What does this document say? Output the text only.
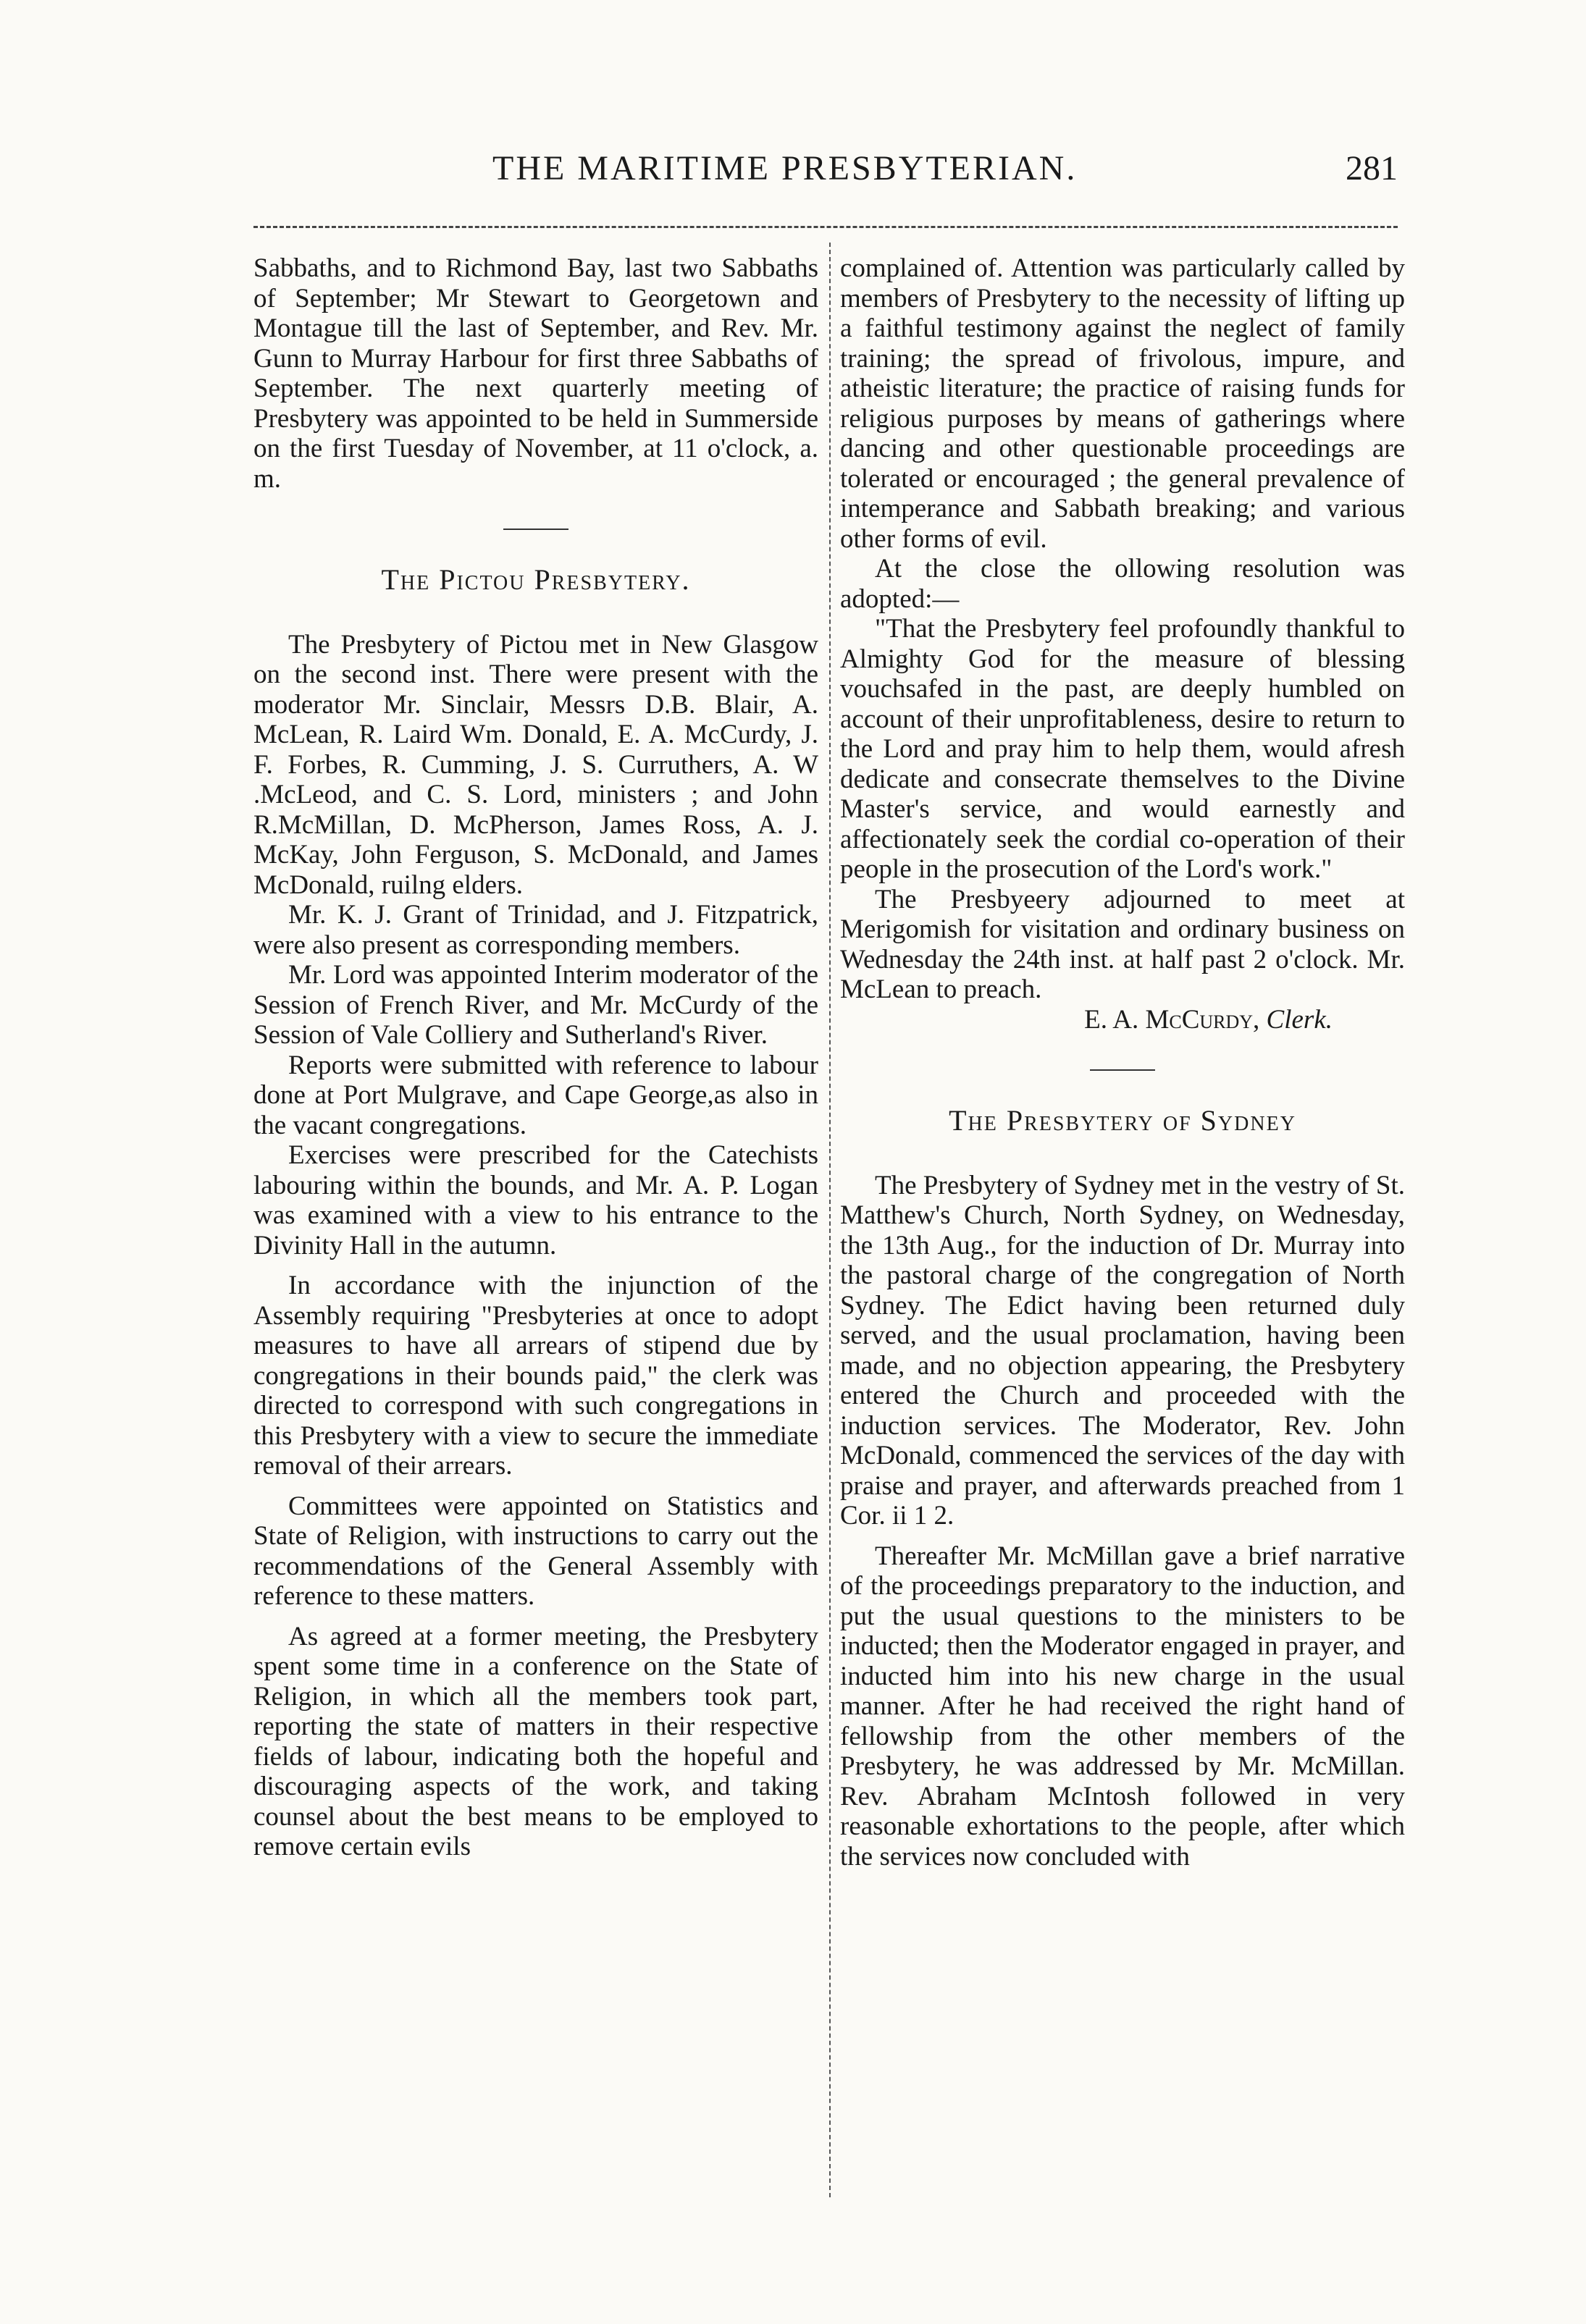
THE MARITIME PRESBYTERIAN.	281

Sabbaths, and to Richmond Bay, last two Sabbaths of September; Mr Stewart to Georgetown and Montague till the last of September, and Rev. Mr. Gunn to Murray Harbour for first three Sabbaths of September. The next quarterly meeting of Presbytery was appointed to be held in Summerside on the first Tuesday of November, at 11 o'clock, a. m.

The Pictou Presbytery.

The Presbytery of Pictou met in New Glasgow on the second inst. There were present with the moderator Mr. Sinclair, Messrs D.B. Blair, A. McLean, R. Laird Wm. Donald, E. A. McCurdy, J. F. Forbes, R. Cumming, J. S. Curruthers, A. W .McLeod, and C. S. Lord, ministers ; and John R.McMillan, D. McPherson, James Ross, A. J. McKay, John Ferguson, S. McDonald, and James McDonald, ruilng elders.

Mr. K. J. Grant of Trinidad, and J. Fitzpatrick, were also present as corresponding members.

Mr. Lord was appointed Interim moderator of the Session of French River, and Mr. McCurdy of the Session of Vale Colliery and Sutherland's River.

Reports were submitted with reference to labour done at Port Mulgrave, and Cape George,as also in the vacant congregations.

Exercises were prescribed for the Catechists labouring within the bounds, and Mr. A. P. Logan was examined with a view to his entrance to the Divinity Hall in the autumn.

In accordance with the injunction of the Assembly requiring "Presbyteries at once to adopt measures to have all arrears of stipend due by congregations in their bounds paid," the clerk was directed to correspond with such congregations in this Presbytery with a view to secure the immediate removal of their arrears.

Committees were appointed on Statistics and State of Religion, with instructions to carry out the recommendations of the General Assembly with reference to these matters.

As agreed at a former meeting, the Presbytery spent some time in a conference on the State of Religion, in which all the members took part, reporting the state of matters in their respective fields of labour, indicating both the hopeful and discouraging aspects of the work, and taking counsel about the best means to be employed to remove certain evils

complained of. Attention was particularly called by members of Presbytery to the necessity of lifting up a faithful testimony against the neglect of family training; the spread of frivolous, impure, and atheistic literature; the practice of raising funds for religious purposes by means of gatherings where dancing and other questionable proceedings are tolerated or encouraged ; the general prevalence of intemperance and Sabbath breaking; and various other forms of evil.

At the close the ollowing resolution was adopted:—

"That the Presbytery feel profoundly thankful to Almighty God for the measure of blessing vouchsafed in the past, are deeply humbled on account of their unprofitableness, desire to return to the Lord and pray him to help them, would afresh dedicate and consecrate themselves to the Divine Master's service, and would earnestly and affectionately seek the cordial co-operation of their people in the prosecution of the Lord's work."

The Presbyeery adjourned to meet at Merigomish for visitation and ordinary business on Wednesday the 24th inst. at half past 2 o'clock. Mr. McLean to preach.

E. A. McCurdy, Clerk.

The Presbytery of Sydney

The Presbytery of Sydney met in the vestry of St. Matthew's Church, North Sydney, on Wednesday, the 13th Aug., for the induction of Dr. Murray into the pastoral charge of the congregation of North Sydney. The Edict having been returned duly served, and the usual proclamation, having been made, and no objection appearing, the Presbytery entered the Church and proceeded with the induction services. The Moderator, Rev. John McDonald, commenced the services of the day with praise and prayer, and afterwards preached from 1 Cor. ii 1 2.

Thereafter Mr. McMillan gave a brief narrative of the proceedings preparatory to the induction, and put the usual questions to the ministers to be inducted; then the Moderator engaged in prayer, and inducted him into his new charge in the usual manner. After he had received the right hand of fellowship from the other members of the Presbytery, he was addressed by Mr. McMillan. Rev. Abraham McIntosh followed in very reasonable exhortations to the people, after which the services now concluded with
